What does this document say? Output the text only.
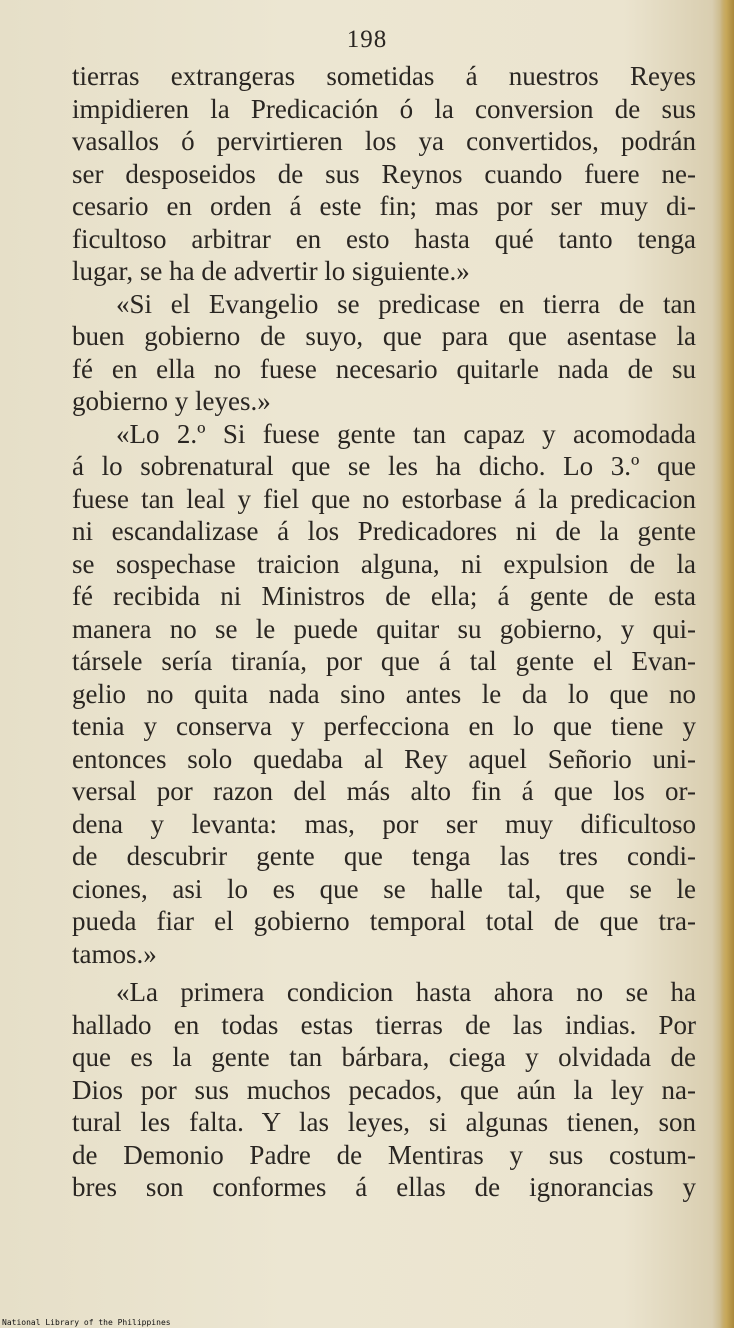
198
tierras extrangeras sometidas á nuestros Reyes
impidieren la Predicación ó la conversion de sus
vasallos ó pervirtieren los ya convertidos, podrán
ser desposeidos de sus Reynos cuando fuere ne-
cesario en orden á este fin; mas por ser muy di-
ficultoso arbitrar en esto hasta qué tanto tenga
lugar, se ha de advertir lo siguiente.»
«Si el Evangelio se predicase en tierra de tan
buen gobierno de suyo, que para que asentase la
fé en ella no fuese necesario quitarle nada de su
gobierno y leyes.»
«Lo 2.º Si fuese gente tan capaz y acomodada
á lo sobrenatural que se les ha dicho. Lo 3.º que
fuese tan leal y fiel que no estorbase á la predicacion
ni escandalizase á los Predicadores ni de la gente
se sospechase traicion alguna, ni expulsion de la
fé recibida ni Ministros de ella; á gente de esta
manera no se le puede quitar su gobierno, y qui-
társele sería tiranía, por que á tal gente el Evan-
gelio no quita nada sino antes le da lo que no
tenia y conserva y perfecciona en lo que tiene y
entonces solo quedaba al Rey aquel Señorio uni-
versal por razon del más alto fin á que los or-
dena y levanta: mas, por ser muy dificultoso
de descubrir gente que tenga las tres condi-
ciones, asi lo es que se halle tal, que se le
pueda fiar el gobierno temporal total de que tra-
tamos.»
«La primera condicion hasta ahora no se ha
hallado en todas estas tierras de las indias. Por
que es la gente tan bárbara, ciega y olvidada de
Dios por sus muchos pecados, que aún la ley na-
tural les falta. Y las leyes, si algunas tienen, son
de Demonio Padre de Mentiras y sus costum-
bres son conformes á ellas de ignorancias y
National Library of the Philippines
